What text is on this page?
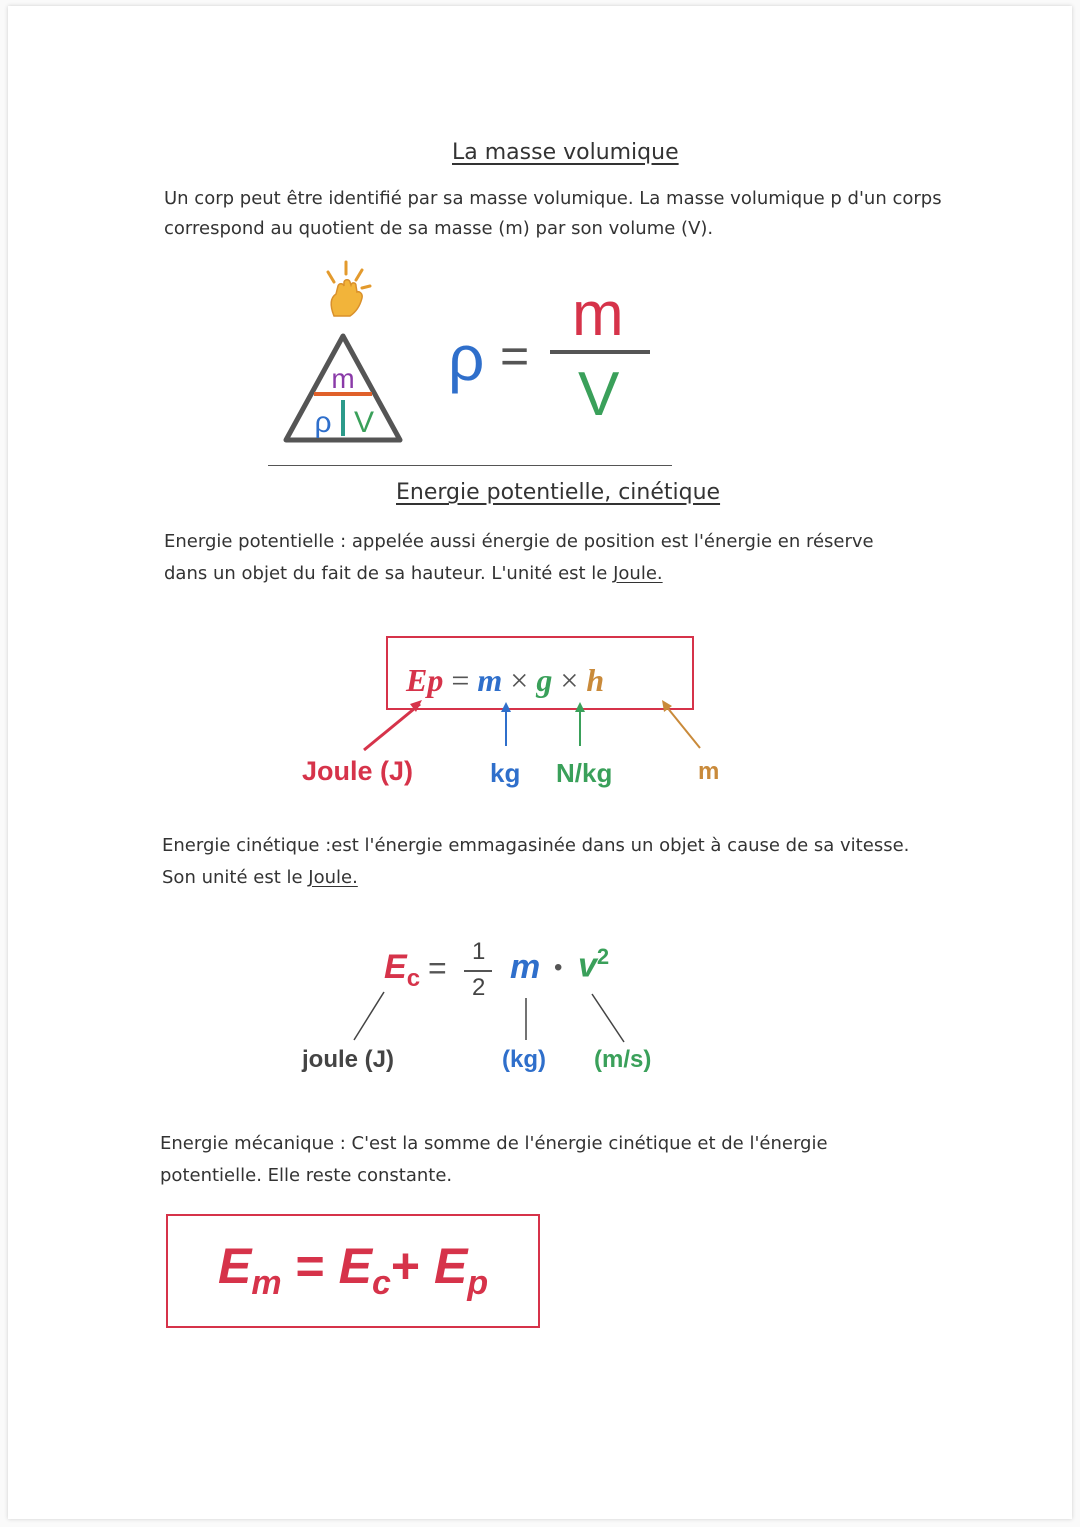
La masse volumique
Un corp peut être identifié par sa masse volumique. La masse volumique p d'un corps
correspond au quotient de sa masse (m) par son volume (V).
m
ρ V
ρ =
m
V
Energie potentielle, cinétique
Energie potentielle : appelée aussi énergie de position est l'énergie en réserve
dans un objet du fait de sa hauteur. L'unité est le Joule.
Ep = m × g × h
Joule (J)	kg N/kg	m
Energie cinétique :est l'énergie emmagasinée dans un objet à cause de sa vitesse.
Son unité est le Joule.
$E_c = 1$
2
m • $v^2$
joule (J)	(kg) (m/s)
Energie mécanique : C'est la somme de l'énergie cinétique et de l'énergie
potentielle. Elle reste constante.
$E_m = E_c+ E_p$
